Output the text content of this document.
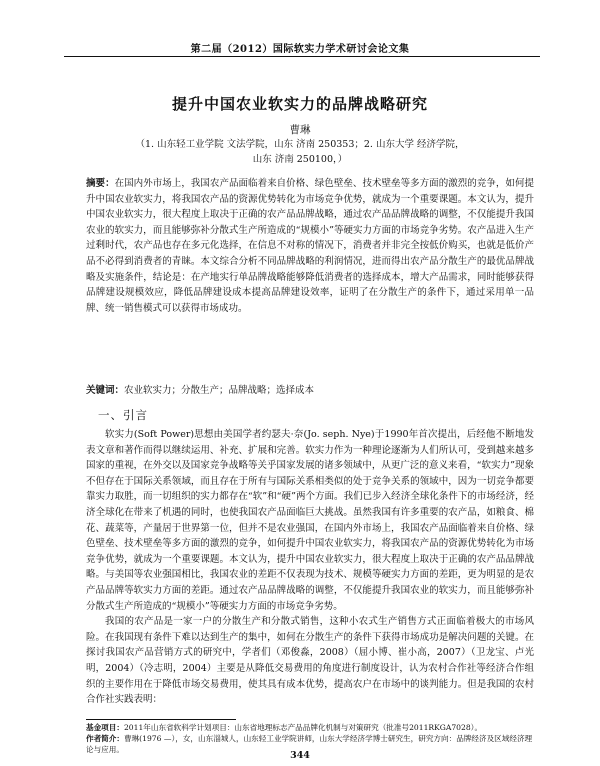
第二届（2012）国际软实力学术研讨会论文集
提升中国农业软实力的品牌战略研究
曹琳
（1. 山东轻工业学院 文法学院，山东 济南 250353；2. 山东大学 经济学院，
山东 济南 250100，）
摘要：在国内外市场上，我国农产品面临着来自价格、绿色壁垒、技术壁垒等多方面的激烈的竞争，如何提升中国农业软实力，将我国农产品的资源优势转化为市场竞争优势，就成为一个重要课题。本文认为，提升中国农业软实力，很大程度上取决于正确的农产品品牌战略，通过农产品品牌战略的调整，不仅能提升我国农业的软实力，而且能够弥补分散式生产所造成的“规模小”等硬实力方面的市场竞争劣势。农产品进入生产过剩时代，农产品也存在多元化选择，在信息不对称的情况下，消费者并非完全按低价购买，也就是低价产品不必得到消费者的青睐。本文综合分析不同品牌战略的利润情况，进而得出农产品分散生产的最优品牌战略及实施条件，结论是：在产地实行单品牌战略能够降低消费者的选择成本，增大产品需求，同时能够获得品牌建设规模效应，降低品牌建设成本提高品牌建设效率，证明了在分散生产的条件下，通过采用单一品牌、统一销售模式可以获得市场成功。
关键词：农业软实力；分散生产；品牌战略；选择成本
一、引言

软实力(Soft Power)思想由美国学者约瑟夫·奈(Jo. seph. Nye)于1990年首次提出，后经他不断地发表文章和著作而得以继续运用、补充、扩展和完善。软实力作为一种理论逐渐为人们所认可，受到越来越多国家的重视，在外交以及国家竞争战略等关乎国家发展的诸多领域中，从更广泛的意义来看，“软实力”现象不但存在于国际关系领域，而且存在于所有与国际关系相类似的处于竞争关系的领域中，因为一切竞争都要靠实力取胜，而一切组织的实力都存在“软”和“硬”两个方面。我们已步入经济全球化条件下的市场经济，经济全球化在带来了机遇的同时，也使我国农产品面临巨大挑战。虽然我国有许多重要的农产品，如粮食、棉花、蔬菜等，产量居于世界第一位，但并不是农业强国，在国内外市场上，我国农产品面临着来自价格、绿色壁垒、技术壁垒等多方面的激烈的竞争，如何提升中国农业软实力，将我国农产品的资源优势转化为市场竞争优势，就成为一个重要课题。本文认为，提升中国农业软实力，很大程度上取决于正确的农产品品牌战略。与美国等农业强国相比，我国农业的差距不仅表现为技术、规模等硬实力方面的差距，更为明显的是农产品品牌等软实力方面的差距。通过农产品品牌战略的调整，不仅能提升我国农业的软实力，而且能够弥补分散式生产所造成的“规模小”等硬实力方面的市场竞争劣势。

我国的农产品是一家一户的分散生产和分散式销售，这种小农式生产销售方式正面临着极大的市场风险。在我国现有条件下难以达到生产的集中，如何在分散生产的条件下获得市场成功是解决问题的关键。在探讨我国农产品营销方式的研究中，学者们（邓俊淼，2008）（屈小博、崔小高，2007）（卫龙宝、卢光明，2004）（冷志明，2004）主要是从降低交易费用的角度进行制度设计，认为农村合作社等经济合作组织的主要作用在于降低市场交易费用，使其具有成本优势，提高农户在市场中的谈判能力。但是我国的农村合作社实践表明：

基金项目：2011年山东省软科学计划项目：山东省地理标志产品品牌化机制与对策研究（批准号2011RKGA7028）。
作者简介：曹琳(1976 —），女，山东淄城人，山东轻工业学院讲师，山东大学经济学博士研究生，研究方向：品牌经济及区域经济理论与应用。
344
